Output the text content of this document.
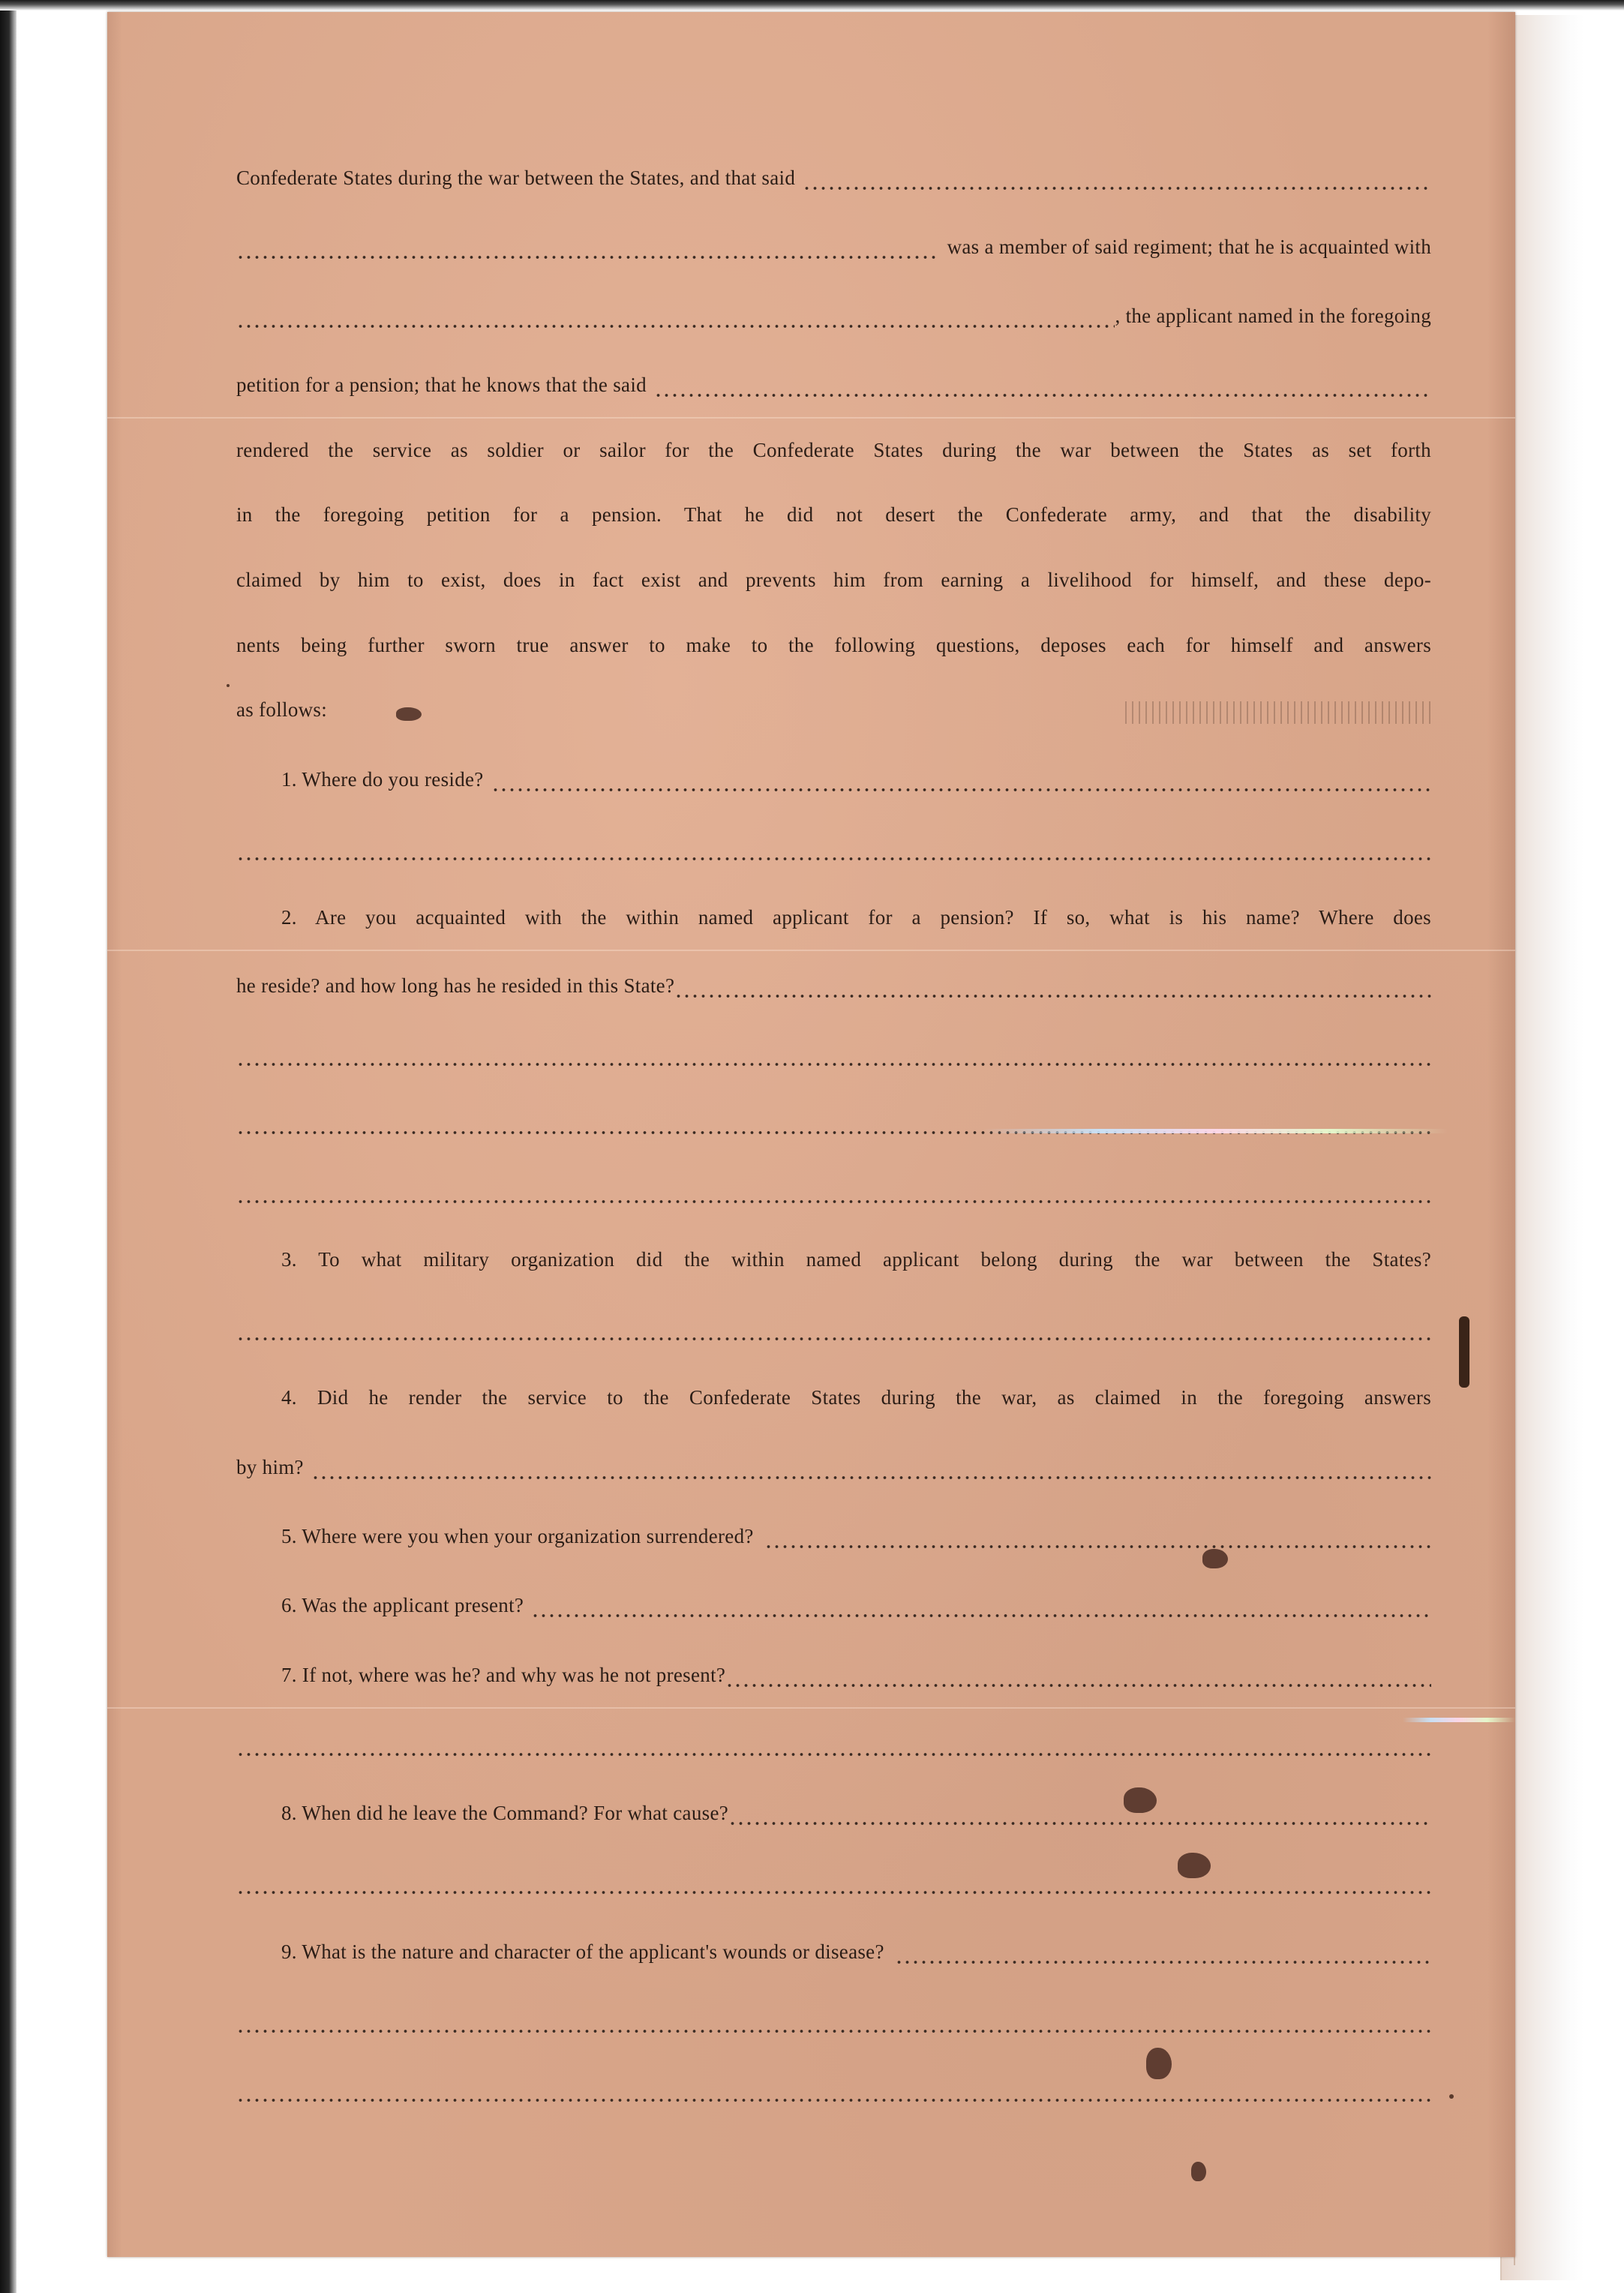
Confederate States during the war between the States, and that said
was a member of said regiment; that he is acquainted with
, the applicant named in the foregoing
petition for a pension; that he knows that the said
rendered the service as soldier or sailor for the Confederate States during the war between the States as set forth
in the foregoing petition for a pension. That he did not desert the Confederate army, and that the disability
claimed by him to exist, does in fact exist and prevents him from earning a livelihood for himself, and these depo-
nents being further sworn true answer to make to the following questions, deposes each for himself and answers
as follows:
1. Where do you reside?
2. Are you acquainted with the within named applicant for a pension? If so, what is his name? Where does
he reside? and how long has he resided in this State?
3. To what military organization did the within named applicant belong during the war between the States?
4. Did he render the service to the Confederate States during the war, as claimed in the foregoing answers
by him?
5. Where were you when your organization surrendered?
6. Was the applicant present?
7. If not, where was he? and why was he not present?
8. When did he leave the Command? For what cause?
9. What is the nature and character of the applicant's wounds or disease?
